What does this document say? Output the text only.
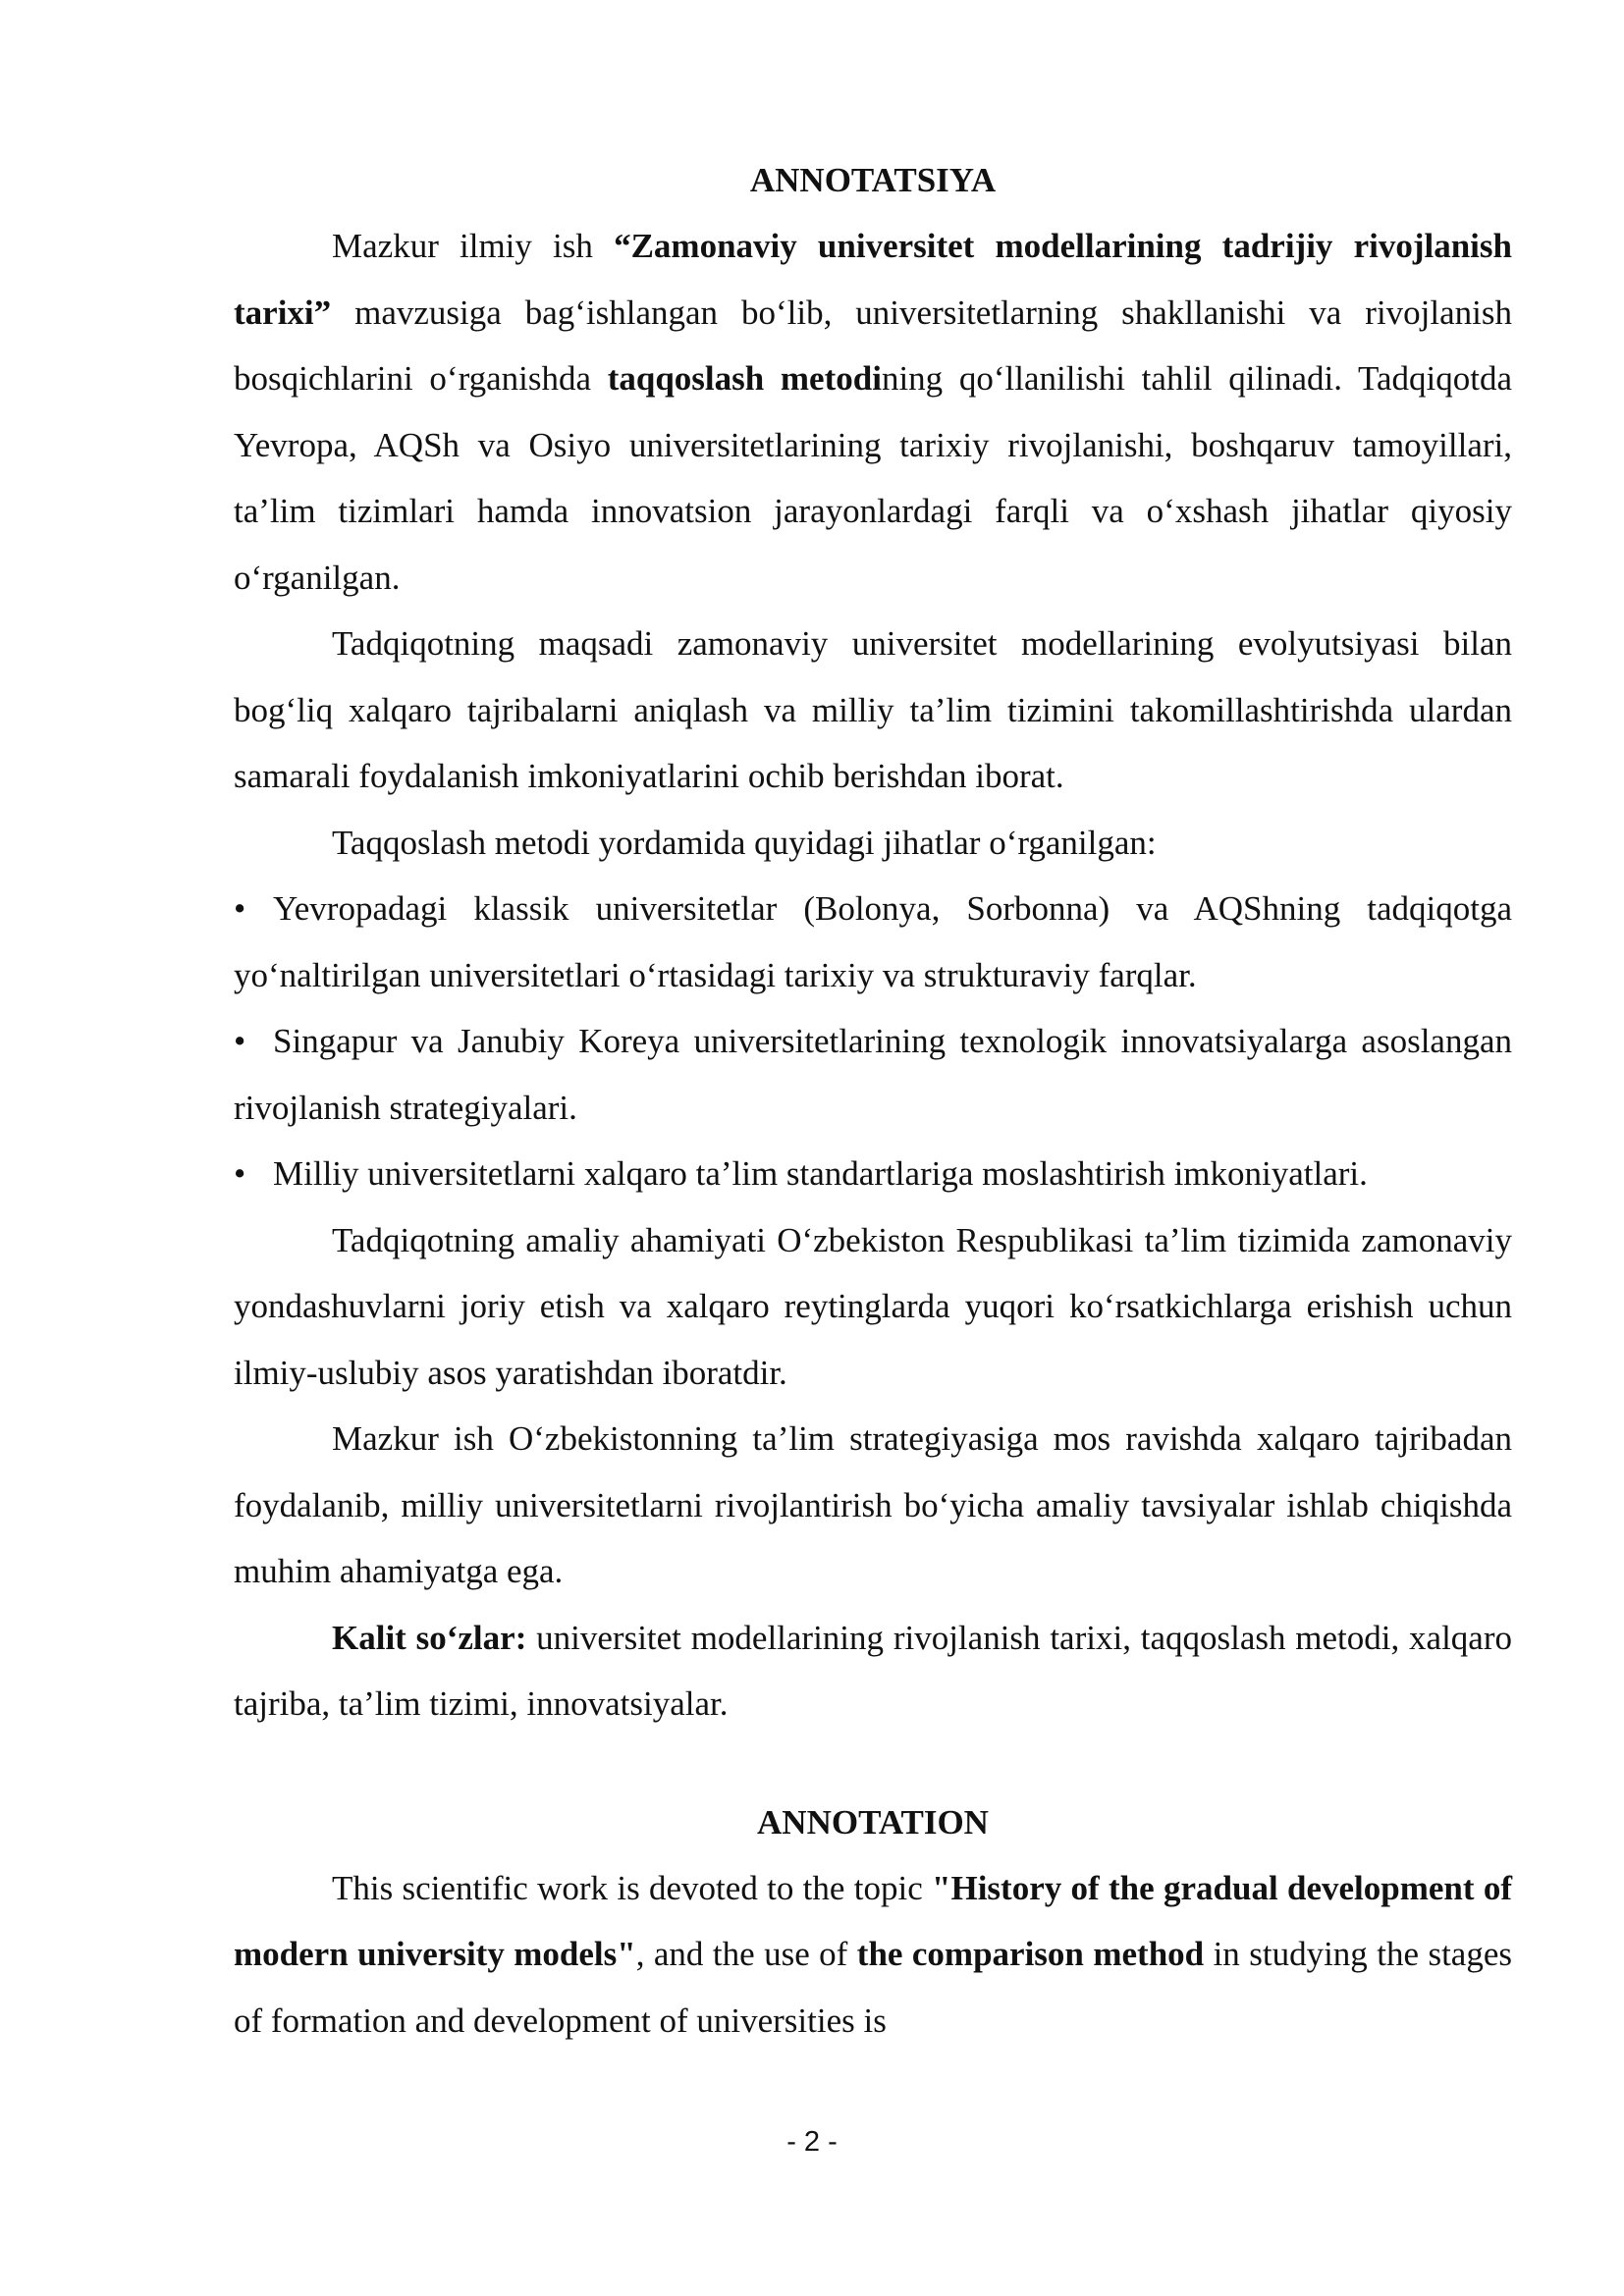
ANNOTATSIYA

Mazkur ilmiy ish “Zamonaviy universitet modellarining tadrijiy rivojlanish tarixi” mavzusiga bag‘ishlangan bo‘lib, universitetlarning shakllanishi va rivojlanish bosqichlarini o‘rganishda taqqoslash metodining qo‘llanilishi tahlil qilinadi. Tadqiqotda Yevropa, AQSh va Osiyo universitetlarining tarixiy rivojlanishi, boshqaruv tamoyillari, ta’lim tizimlari hamda innovatsion jarayonlardagi farqli va o‘xshash jihatlar qiyosiy o‘rganilgan.

Tadqiqotning maqsadi zamonaviy universitet modellarining evolyutsiyasi bilan bog‘liq xalqaro tajribalarni aniqlash va milliy ta’lim tizimini takomillashtirishda ulardan samarali foydalanish imkoniyatlarini ochib berishdan iborat.

Taqqoslash metodi yordamida quyidagi jihatlar o‘rganilgan:

• Yevropadagi klassik universitetlar (Bolonya, Sorbonna) va AQShning tadqiqotga yo‘naltirilgan universitetlari o‘rtasidagi tarixiy va strukturaviy farqlar.
• Singapur va Janubiy Koreya universitetlarining texnologik innovatsiyalarga asoslangan rivojlanish strategiyalari.
• Milliy universitetlarni xalqaro ta’lim standartlariga moslashtirish imkoniyatlari.

Tadqiqotning amaliy ahamiyati O‘zbekiston Respublikasi ta’lim tizimida zamonaviy yondashuvlarni joriy etish va xalqaro reytinglarda yuqori ko‘rsatkichlarga erishish uchun ilmiy-uslubiy asos yaratishdan iboratdir.

Mazkur ish O‘zbekistonning ta’lim strategiyasiga mos ravishda xalqaro tajribadan foydalanib, milliy universitetlarni rivojlantirish bo‘yicha amaliy tavsiyalar ishlab chiqishda muhim ahamiyatga ega.

Kalit so‘zlar: universitet modellarining rivojlanish tarixi, taqqoslash metodi, xalqaro tajriba, ta’lim tizimi, innovatsiyalar.

ANNOTATION

This scientific work is devoted to the topic "History of the gradual development of modern university models", and the use of the comparison method in studying the stages of formation and development of universities is

- 2 -
